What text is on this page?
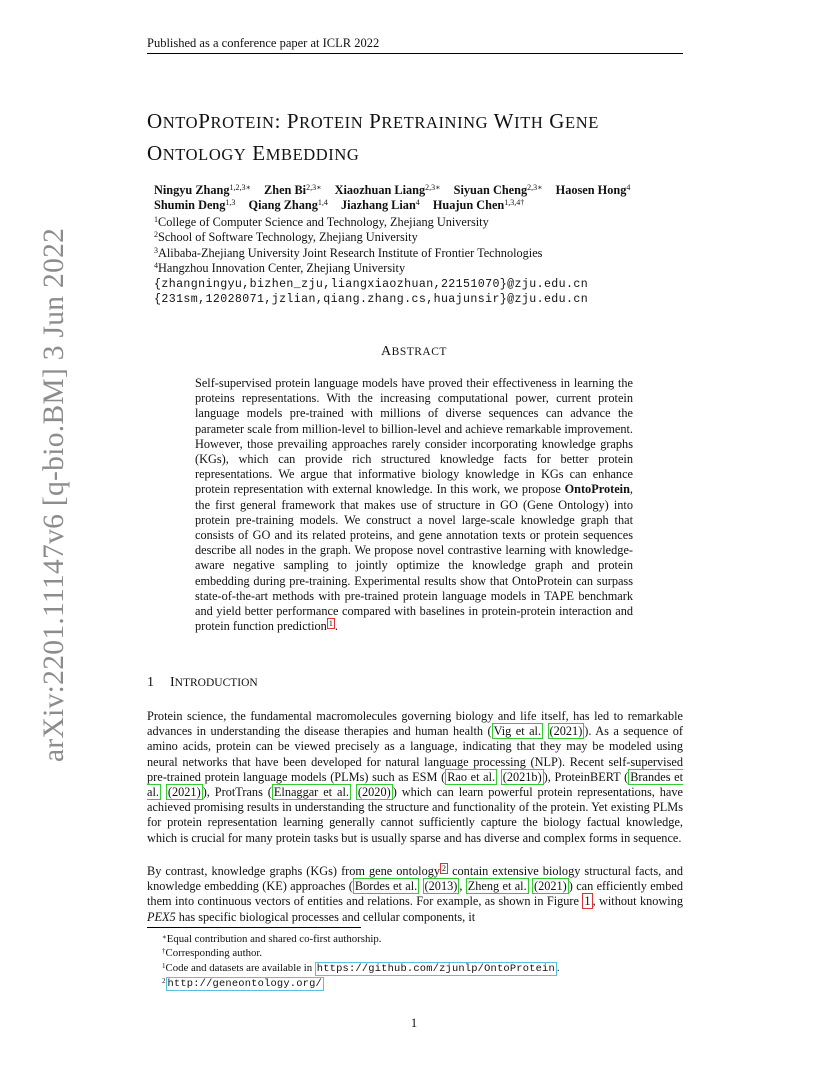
arXiv:2201.11147v6 [q-bio.BM] 3 Jun 2022
Published as a conference paper at ICLR 2022
ONTOPROTEIN: PROTEIN PRETRAINING WITH GENE
ONTOLOGY EMBEDDING
Ningyu Zhang$^{1,2,3∗}$ Zhen $Bi^{2,3∗}$ Xiaozhuan Liang$^{2,3∗}$ Siyuan Cheng$^{2,3∗}$ Haosen Hong$^4$
Shumin Deng$^{1,3}$ Qiang Zhang$^{1,4}$ Jiazhang Lian$^4$ Huajun Chen$^{1,3,4\dagger}$
$^1$College of Computer Science and Technology, Zhejiang University
$^2$School of Software Technology, Zhejiang University
$^3$Alibaba-Zhejiang University Joint Research Institute of Frontier Technologies
$^4$Hangzhou Innovation Center, Zhejiang University
{zhangningyu,bizhen_zju,liangxiaozhuan,22151070}@zju.edu.cn
{231sm,12028071,jzlian,qiang.zhang.cs,huajunsir}@zju.edu.cn
ABSTRACT
Self-supervised protein language models have proved their effectiveness in learning the proteins representations. With the increasing computational power, current protein language models pre-trained with millions of diverse sequences can advance the parameter scale from million-level to billion-level and achieve remarkable improvement. However, those prevailing approaches rarely consider incorporating knowledge graphs (KGs), which can provide rich structured knowledge facts for better protein representations. We argue that informative biology knowledge in KGs can enhance protein representation with external knowledge. In this work, we propose OntoProtein, the first general framework that makes use of structure in GO (Gene Ontology) into protein pre-training models. We construct a novel large-scale knowledge graph that consists of GO and its related proteins, and gene annotation texts or protein sequences describe all nodes in the graph. We propose novel contrastive learning with knowledge-aware negative sampling to jointly optimize the knowledge graph and protein embedding during pre-training. Experimental results show that OntoProtein can surpass state-of-the-art methods with pre-trained protein language models in TAPE benchmark and yield better performance compared with baselines in protein-protein interaction and protein function prediction $^1$ .
1 INTRODUCTION
Protein science, the fundamental macromolecules governing biology and life itself, has led to remarkable advances in understanding the disease therapies and human health ( Vig et al. (2021) ). As a sequence of amino acids, protein can be viewed precisely as a language, indicating that they may be modeled using neural networks that have been developed for natural language processing (NLP). Recent self-supervised pre-trained protein language models (PLMs) such as ESM ( Rao et al. (2021b) ), ProteinBERT ( Brandes et al. (2021) ), ProtTrans ( Elnaggar et al. (2020) ) which can learn powerful protein representations, have achieved promising results in understanding the structure and functionality of the protein. Yet existing PLMs for protein representation learning generally cannot sufficiently capture the biology factual knowledge, which is crucial for many protein tasks but is usually sparse and has diverse and complex forms in sequence.
By contrast, knowledge graphs (KGs) from gene ontology $^2$ contain extensive biology structural facts, and knowledge embedding (KE) approaches ( Bordes et al. (2013) , Zheng et al. (2021) ) can efficiently embed them into continuous vectors of entities and relations. For example, as shown in Figure 1 , without knowing PEX5 has specific biological processes and cellular components, it
∗Equal contribution and shared co-first authorship.
†Corresponding author.
$^1$Code and datasets are available in https://github.com/zjunlp/OntoProtein .
$^2$ http://geneontology.org/
1
